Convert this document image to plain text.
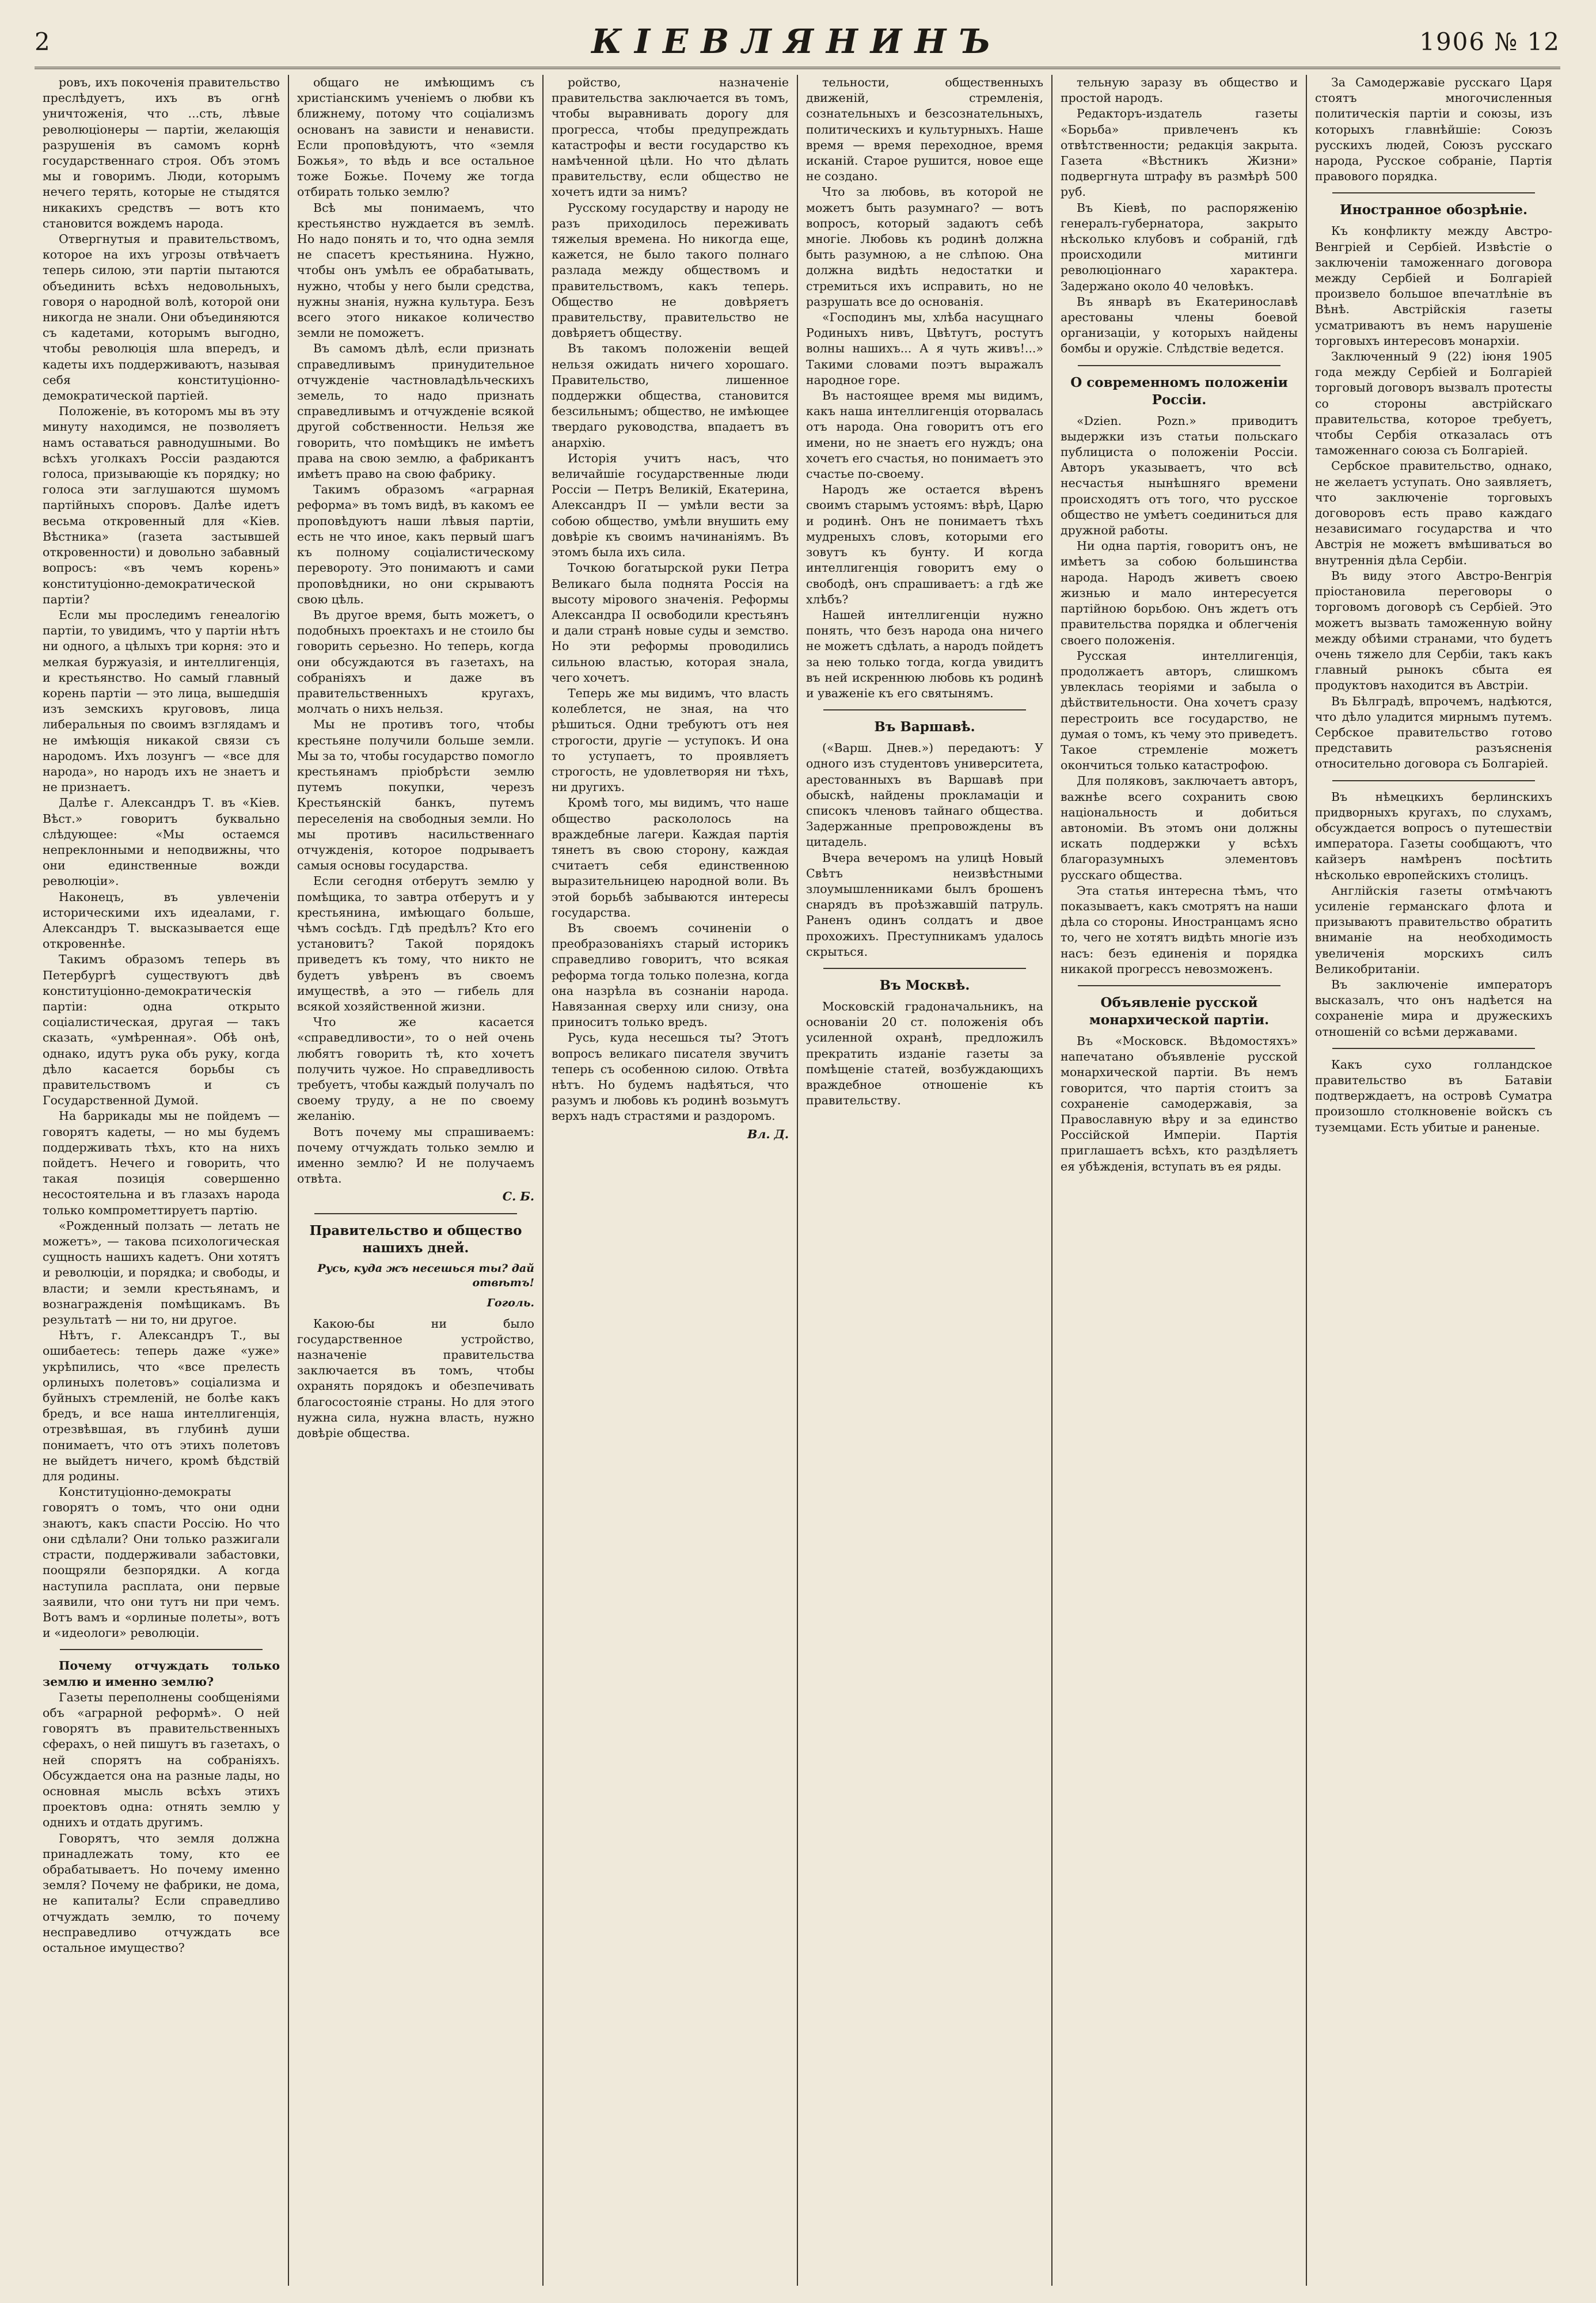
2	КІЕВЛЯНИНЪ	1906 № 12

ровъ, ихъ покоченія правительство преслѣдуетъ, ихъ въ огнѣ уничтоженія, что ...сть, лѣвые революціонеры — партіи, желающія разрушенія въ самомъ корнѣ государственнаго строя. Объ этомъ мы и говоримъ. Люди, которымъ нечего терять, которые не стыдятся никакихъ средствъ — вотъ кто становится вождемъ народа.

Отвергнутыя и правительствомъ, которое на ихъ угрозы отвѣчаетъ теперь силою, эти партіи пытаются объединить всѣхъ недовольныхъ, говоря о народной волѣ, которой они никогда не знали. Они объединяются съ кадетами, которымъ выгодно, чтобы революція шла впередъ, и кадеты ихъ поддерживаютъ, называя себя конституціонно-демократической партіей.

Положеніе, въ которомъ мы въ эту минуту находимся, не позволяетъ намъ оставаться равнодушными. Во всѣхъ уголкахъ Россіи раздаются голоса, призывающіе къ порядку; но голоса эти заглушаются шумомъ партійныхъ споровъ. Далѣе идетъ весьма откровенный для «Кіев. Вѣстника» (газета застывшей откровенности) и довольно забавный вопросъ: «въ чемъ корень» конституціонно-демократической партіи?

Если мы проследимъ генеалогію партіи, то увидимъ, что у партіи нѣтъ ни одного, а цѣлыхъ три корня: это и мелкая буржуазія, и интеллигенція, и крестьянство. Но самый главный корень партіи — это лица, вышедшія изъ земскихъ кругововъ, лица либеральныя по своимъ взглядамъ и не имѣющія никакой связи съ народомъ. Ихъ лозунгъ — «все для народа», но народъ ихъ не знаетъ и не признаетъ.

Далѣе г. Александръ Т. въ «Кіев. Вѣст.» говоритъ буквально слѣдующее: «Мы остаемся непреклонными и неподвижны, что они единственные вожди революціи».

Наконецъ, въ увлеченіи историческими ихъ идеалами, г. Александръ Т. высказывается еще откровеннѣе.

Такимъ образомъ теперь въ Петербургѣ существуютъ двѣ конституціонно-демократическія партіи: одна открыто соціалистическая, другая — такъ сказать, «умѣренная». Обѣ онѣ, однако, идутъ рука объ руку, когда дѣло касается борьбы съ правительствомъ и съ Государственной Думой.

На баррикады мы не пойдемъ — говорятъ кадеты, — но мы будемъ поддерживать тѣхъ, кто на нихъ пойдетъ. Нечего и говорить, что такая позиція совершенно несостоятельна и въ глазахъ народа только компрометтируетъ партію.

«Рожденный ползать — летать не можетъ», — такова психологическая сущность нашихъ кадетъ. Они хотятъ и революціи, и порядка; и свободы, и власти; и земли крестьянамъ, и вознагражденія помѣщикамъ. Въ результатѣ — ни то, ни другое.

Нѣтъ, г. Александръ Т., вы ошибаетесь: теперь даже «уже» укрѣпились, что «все прелесть орлиныхъ полетовъ» соціализма и буйныхъ стремленій, не болѣе какъ бредъ, и все наша интеллигенція, отрезвѣвшая, въ глубинѣ души понимаетъ, что отъ этихъ полетовъ не выйдетъ ничего, кромѣ бѣдствій для родины.

Конституціонно-демократы говорятъ о томъ, что они одни знаютъ, какъ спасти Россію. Но что они сдѣлали? Они только разжигали страсти, поддерживали забастовки, поощряли безпорядки. А когда наступила расплата, они первые заявили, что они тутъ ни при чемъ. Вотъ вамъ и «орлиные полеты», вотъ и «идеологи» революціи.

Почему отчуждать только землю и именно землю?

Газеты переполнены сообщеніями объ «аграрной реформѣ». О ней говорятъ въ правительственныхъ сферахъ, о ней пишутъ въ газетахъ, о ней спорятъ на собраніяхъ. Обсуждается она на разные лады, но основная мысль всѣхъ этихъ проектовъ одна: отнять землю у однихъ и отдать другимъ.

Говорятъ, что земля должна принадлежать тому, кто ее обрабатываетъ. Но почему именно земля? Почему не фабрики, не дома, не капиталы? Если справедливо отчуждать землю, то почему несправедливо отчуждать все остальное имущество?

общаго не имѣющимъ съ христіанскимъ ученіемъ о любви къ ближнему, потому что соціализмъ основанъ на зависти и ненависти. Если проповѣдуютъ, что «земля Божья», то вѣдь и все остальное тоже Божье. Почему же тогда отбирать только землю?

Всѣ мы понимаемъ, что крестьянство нуждается въ землѣ. Но надо понять и то, что одна земля не спасетъ крестьянина. Нужно, чтобы онъ умѣлъ ее обрабатывать, нужно, чтобы у него были средства, нужны знанія, нужна культура. Безъ всего этого никакое количество земли не поможетъ.

Въ самомъ дѣлѣ, если признать справедливымъ принудительное отчужденіе частновладѣльческихъ земель, то надо признать справедливымъ и отчужденіе всякой другой собственности. Нельзя же говорить, что помѣщикъ не имѣетъ права на свою землю, а фабрикантъ имѣетъ право на свою фабрику.

Такимъ образомъ «аграрная реформа» въ томъ видѣ, въ какомъ ее проповѣдуютъ наши лѣвыя партіи, есть не что иное, какъ первый шагъ къ полному соціалистическому перевороту. Это понимаютъ и сами проповѣдники, но они скрываютъ свою цѣль.

Въ другое время, быть можетъ, о подобныхъ проектахъ и не стоило бы говорить серьезно. Но теперь, когда они обсуждаются въ газетахъ, на собраніяхъ и даже въ правительственныхъ кругахъ, молчать о нихъ нельзя.

Мы не противъ того, чтобы крестьяне получили больше земли. Мы за то, чтобы государство помогло крестьянамъ пріобрѣсти землю путемъ покупки, черезъ Крестьянскій банкъ, путемъ переселенія на свободныя земли. Но мы противъ насильственнаго отчужденія, которое подрываетъ самыя основы государства.

Если сегодня отберутъ землю у помѣщика, то завтра отберутъ и у крестьянина, имѣющаго больше, чѣмъ сосѣдъ. Гдѣ предѣлъ? Кто его установитъ? Такой порядокъ приведетъ къ тому, что никто не будетъ увѣренъ въ своемъ имуществѣ, а это — гибель для всякой хозяйственной жизни.

Что же касается «справедливости», то о ней очень любятъ говорить тѣ, кто хочетъ получить чужое. Но справедливость требуетъ, чтобы каждый получалъ по своему труду, а не по своему желанію.

Вотъ почему мы спрашиваемъ: почему отчуждать только землю и именно землю? И не получаемъ отвѣта.

С. Б.
Правительство и общество нашихъ дней.
Русь, куда жъ несешься ты? дай отвѣтъ!
Гоголь.

Какою-бы ни было государственное устройство, назначеніе правительства заключается въ томъ, чтобы охранять порядокъ и обезпечивать благосостояніе страны. Но для этого нужна сила, нужна власть, нужно довѣріе общества.

ройство, назначеніе правительства заключается въ томъ, чтобы выравнивать дорогу для прогресса, чтобы предупреждать катастрофы и вести государство къ намѣченной цѣли. Но что дѣлать правительству, если общество не хочетъ идти за нимъ?

Русскому государству и народу не разъ приходилось переживать тяжелыя времена. Но никогда еще, кажется, не было такого полнаго разлада между обществомъ и правительствомъ, какъ теперь. Общество не довѣряетъ правительству, правительство не довѣряетъ обществу.

Въ такомъ положеніи вещей нельзя ожидать ничего хорошаго. Правительство, лишенное поддержки общества, становится безсильнымъ; общество, не имѣющее твердаго руководства, впадаетъ въ анархію.

Исторія учитъ насъ, что величайшіе государственные люди Россіи — Петръ Великій, Екатерина, Александръ II — умѣли вести за собою общество, умѣли внушить ему довѣріе къ своимъ начинаніямъ. Въ этомъ была ихъ сила.

Точкою богатырской руки Петра Великаго была поднята Россія на высоту мірового значенія. Реформы Александра II освободили крестьянъ и дали странѣ новые суды и земство. Но эти реформы проводились сильною властью, которая знала, чего хочетъ.

Теперь же мы видимъ, что власть колеблется, не зная, на что рѣшиться. Одни требуютъ отъ нея строгости, другіе — уступокъ. И она то уступаетъ, то проявляетъ строгость, не удовлетворяя ни тѣхъ, ни другихъ.

Кромѣ того, мы видимъ, что наше общество раскололось на враждебные лагери. Каждая партія тянетъ въ свою сторону, каждая считаетъ себя единственною выразительницею народной воли. Въ этой борьбѣ забываются интересы государства.

Въ своемъ сочиненіи о преобразованіяхъ старый историкъ справедливо говоритъ, что всякая реформа тогда только полезна, когда она назрѣла въ сознаніи народа. Навязанная сверху или снизу, она приноситъ только вредъ.

Русь, куда несешься ты? Этотъ вопросъ великаго писателя звучитъ теперь съ особенною силою. Отвѣта нѣтъ. Но будемъ надѣяться, что разумъ и любовь къ родинѣ возьмутъ верхъ надъ страстями и раздоромъ.

Вл. Д.

тельности, общественныхъ движеній, стремленія, сознательныхъ и безсознательныхъ, политическихъ и культурныхъ. Наше время — время переходное, время исканій. Старое рушится, новое еще не создано.

Что за любовь, въ которой не можетъ быть разумнаго? — вотъ вопросъ, который задаютъ себѣ многіе. Любовь къ родинѣ должна быть разумною, а не слѣпою. Она должна видѣть недостатки и стремиться ихъ исправить, но не разрушать все до основанія.

«Господинъ мы, хлѣба насущнаго Родиныхъ нивъ, Цвѣтутъ, ростутъ волны нашихъ... А я чуть живъ!...» Такими словами поэтъ выражалъ народное горе.

Въ настоящее время мы видимъ, какъ наша интеллигенція оторвалась отъ народа. Она говоритъ отъ его имени, но не знаетъ его нуждъ; она хочетъ его счастья, но понимаетъ это счастье по-своему.

Народъ же остается вѣренъ своимъ старымъ устоямъ: вѣрѣ, Царю и родинѣ. Онъ не понимаетъ тѣхъ мудреныхъ словъ, которыми его зовутъ къ бунту. И когда интеллигенція говоритъ ему о свободѣ, онъ спрашиваетъ: а гдѣ же хлѣбъ?

Нашей интеллигенціи нужно понять, что безъ народа она ничего не можетъ сдѣлать, а народъ пойдетъ за нею только тогда, когда увидитъ въ ней искреннюю любовь къ родинѣ и уваженіе къ его святынямъ.

Въ Варшавѣ.

(«Варш. Днев.») передаютъ: У одного изъ студентовъ университета, арестованныхъ въ Варшавѣ при обыскѣ, найдены прокламаціи и списокъ членовъ тайнаго общества. Задержанные препровождены въ цитадель.

Вчера вечеромъ на улицѣ Новый Свѣтъ неизвѣстными злоумышленниками былъ брошенъ снарядъ въ проѣзжавшій патруль. Раненъ одинъ солдатъ и двое прохожихъ. Преступникамъ удалось скрыться.

Въ Москвѣ.

Московскій градоначальникъ, на основаніи 20 ст. положенія объ усиленной охранѣ, предложилъ прекратить изданіе газеты за помѣщеніе статей, возбуждающихъ враждебное отношеніе къ правительству.

тельную заразу въ общество и простой народъ.

Редакторъ-издатель газеты «Борьба» привлеченъ къ отвѣтственности; редакція закрыта. Газета «Вѣстникъ Жизни» подвергнута штрафу въ размѣрѣ 500 руб.

Въ Кіевѣ, по распоряженію генералъ-губернатора, закрыто нѣсколько клубовъ и собраній, гдѣ происходили митинги революціоннаго характера. Задержано около 40 человѣкъ.

Въ январѣ въ Екатеринославѣ арестованы члены боевой организаціи, у которыхъ найдены бомбы и оружіе. Слѣдствіе ведется.

О современномъ положеніи Россіи.

«Dzien. Pozn.» приводитъ выдержки изъ статьи польскаго публициста о положеніи Россіи. Авторъ указываетъ, что всѣ несчастья нынѣшняго времени происходятъ отъ того, что русское общество не умѣетъ соединиться для дружной работы.

Ни одна партія, говоритъ онъ, не имѣетъ за собою большинства народа. Народъ живетъ своею жизнью и мало интересуется партійною борьбою. Онъ ждетъ отъ правительства порядка и облегченія своего положенія.

Русская интеллигенція, продолжаетъ авторъ, слишкомъ увлеклась теоріями и забыла о дѣйствительности. Она хочетъ сразу перестроить все государство, не думая о томъ, къ чему это приведетъ. Такое стремленіе можетъ окончиться только катастрофою.

Для поляковъ, заключаетъ авторъ, важнѣе всего сохранить свою національность и добиться автономіи. Въ этомъ они должны искать поддержки у всѣхъ благоразумныхъ элементовъ русскаго общества.

Эта статья интересна тѣмъ, что показываетъ, какъ смотрятъ на наши дѣла со стороны. Иностранцамъ ясно то, чего не хотятъ видѣть многіе изъ насъ: безъ единенія и порядка никакой прогрессъ невозможенъ.

Объявленіе русской монархической партіи.

Въ «Московск. Вѣдомостяхъ» напечатано объявленіе русской монархической партіи. Въ немъ говорится, что партія стоитъ за сохраненіе самодержавія, за Православную вѣру и за единство Россійской Имперіи. Партія приглашаетъ всѣхъ, кто раздѣляетъ ея убѣжденія, вступать въ ея ряды.

За Самодержавіе русскаго Царя стоятъ многочисленныя политическія партіи и союзы, изъ которыхъ главнѣйшіе: Союзъ русскихъ людей, Союзъ русскаго народа, Русское собраніе, Партія правового порядка.

Иностранное обозрѣніе.

Къ конфликту между Австро-Венгріей и Сербіей. Извѣстіе о заключеніи таможеннаго договора между Сербіей и Болгаріей произвело большое впечатлѣніе въ Вѣнѣ. Австрійскія газеты усматриваютъ въ немъ нарушеніе торговыхъ интересовъ монархіи.

Заключенный 9 (22) іюня 1905 года между Сербіей и Болгаріей торговый договоръ вызвалъ протесты со стороны австрійскаго правительства, которое требуетъ, чтобы Сербія отказалась отъ таможеннаго союза съ Болгаріей.

Сербское правительство, однако, не желаетъ уступать. Оно заявляетъ, что заключеніе торговыхъ договоровъ есть право каждаго независимаго государства и что Австрія не можетъ вмѣшиваться во внутреннія дѣла Сербіи.

Въ виду этого Австро-Венгрія пріостановила переговоры о торговомъ договорѣ съ Сербіей. Это можетъ вызвать таможенную войну между обѣими странами, что будетъ очень тяжело для Сербіи, такъ какъ главный рынокъ сбыта ея продуктовъ находится въ Австріи.

Въ Бѣлградѣ, впрочемъ, надѣются, что дѣло уладится мирнымъ путемъ. Сербское правительство готово представить разъясненія относительно договора съ Болгаріей.

Въ нѣмецкихъ берлинскихъ придворныхъ кругахъ, по слухамъ, обсуждается вопросъ о путешествіи императора. Газеты сообщаютъ, что кайзеръ намѣренъ посѣтить нѣсколько европейскихъ столицъ.

Англійскія газеты отмѣчаютъ усиленіе германскаго флота и призываютъ правительство обратить вниманіе на необходимость увеличенія морскихъ силъ Великобританіи.

Въ заключеніе императоръ высказалъ, что онъ надѣется на сохраненіе мира и дружескихъ отношеній со всѣми державами.

Какъ сухо голландское правительство въ Батавіи подтверждаетъ, на островѣ Суматра произошло столкновеніе войскъ съ туземцами. Есть убитые и раненые.
